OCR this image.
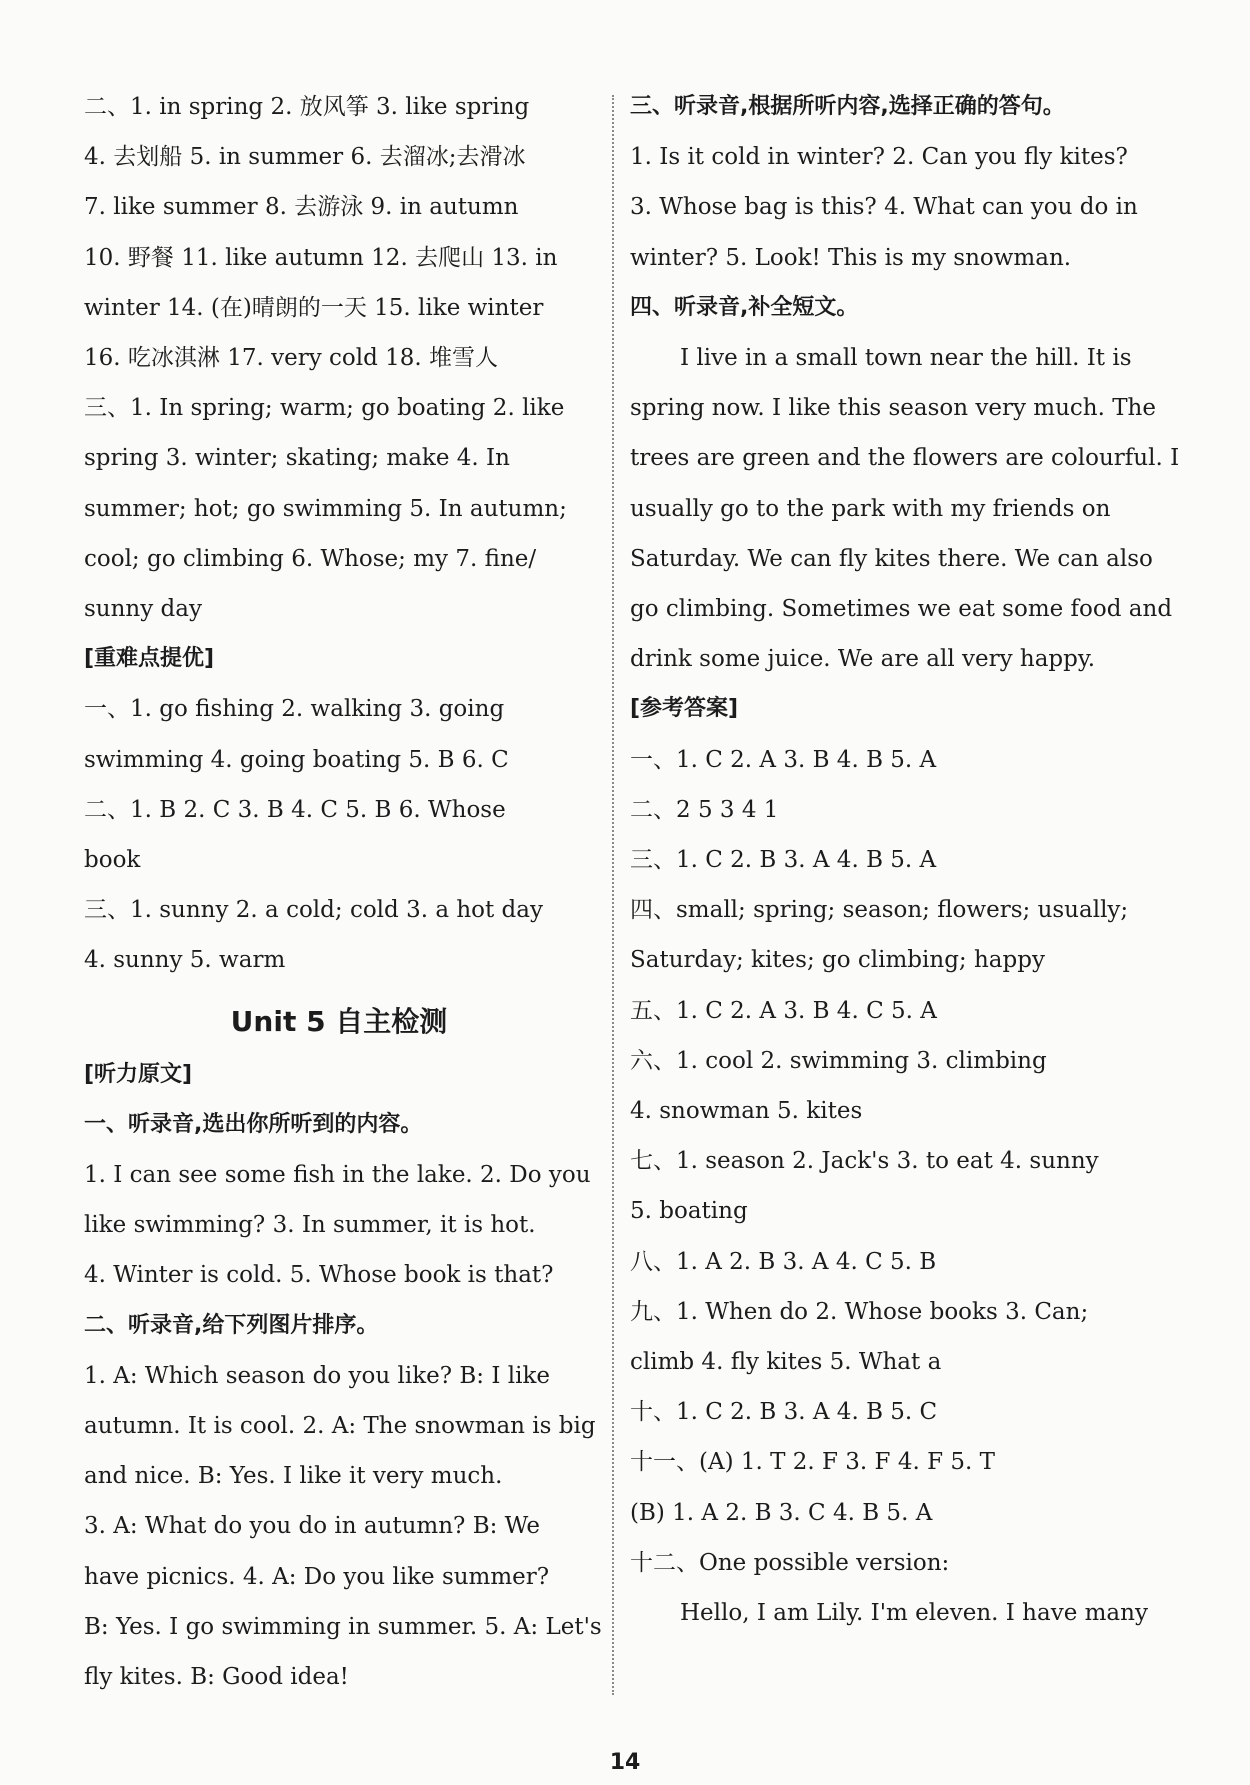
二、1. in spring 2. 放风筝 3. like spring
4. 去划船 5. in summer 6. 去溜冰;去滑冰
7. like summer 8. 去游泳 9. in autumn
10. 野餐 11. like autumn 12. 去爬山 13. in
winter 14. (在)晴朗的一天 15. like winter
16. 吃冰淇淋 17. very cold 18. 堆雪人
三、1. In spring; warm; go boating 2. like
spring 3. winter; skating; make 4. In
summer; hot; go swimming 5. In autumn;
cool; go climbing 6. Whose; my 7. fine/
sunny day
[重难点提优]
一、1. go fishing 2. walking 3. going
swimming 4. going boating 5. B 6. C
二、1. B 2. C 3. B 4. C 5. B 6. Whose
book
三、1. sunny 2. a cold; cold 3. a hot day
4. sunny 5. warm
Unit 5 自主检测
[听力原文]
一、听录音,选出你所听到的内容。
1. I can see some fish in the lake. 2. Do you
like swimming? 3. In summer, it is hot.
4. Winter is cold. 5. Whose book is that?
二、听录音,给下列图片排序。
1. A: Which season do you like? B: I like
autumn. It is cool. 2. A: The snowman is big
and nice. B: Yes. I like it very much.
3. A: What do you do in autumn? B: We
have picnics. 4. A: Do you like summer?
B: Yes. I go swimming in summer. 5. A: Let's
fly kites. B: Good idea!
三、听录音,根据所听内容,选择正确的答句。
1. Is it cold in winter? 2. Can you fly kites?
3. Whose bag is this? 4. What can you do in
winter? 5. Look! This is my snowman.
四、听录音,补全短文。
I live in a small town near the hill. It is
spring now. I like this season very much. The
trees are green and the flowers are colourful. I
usually go to the park with my friends on
Saturday. We can fly kites there. We can also
go climbing. Sometimes we eat some food and
drink some juice. We are all very happy.
[参考答案]
一、1. C 2. A 3. B 4. B 5. A
二、2 5 3 4 1
三、1. C 2. B 3. A 4. B 5. A
四、small; spring; season; flowers; usually;
Saturday; kites; go climbing; happy
五、1. C 2. A 3. B 4. C 5. A
六、1. cool 2. swimming 3. climbing
4. snowman 5. kites
七、1. season 2. Jack's 3. to eat 4. sunny
5. boating
八、1. A 2. B 3. A 4. C 5. B
九、1. When do 2. Whose books 3. Can;
climb 4. fly kites 5. What a
十、1. C 2. B 3. A 4. B 5. C
十一、(A) 1. T 2. F 3. F 4. F 5. T
(B) 1. A 2. B 3. C 4. B 5. A
十二、One possible version:
Hello, I am Lily. I'm eleven. I have many
14
